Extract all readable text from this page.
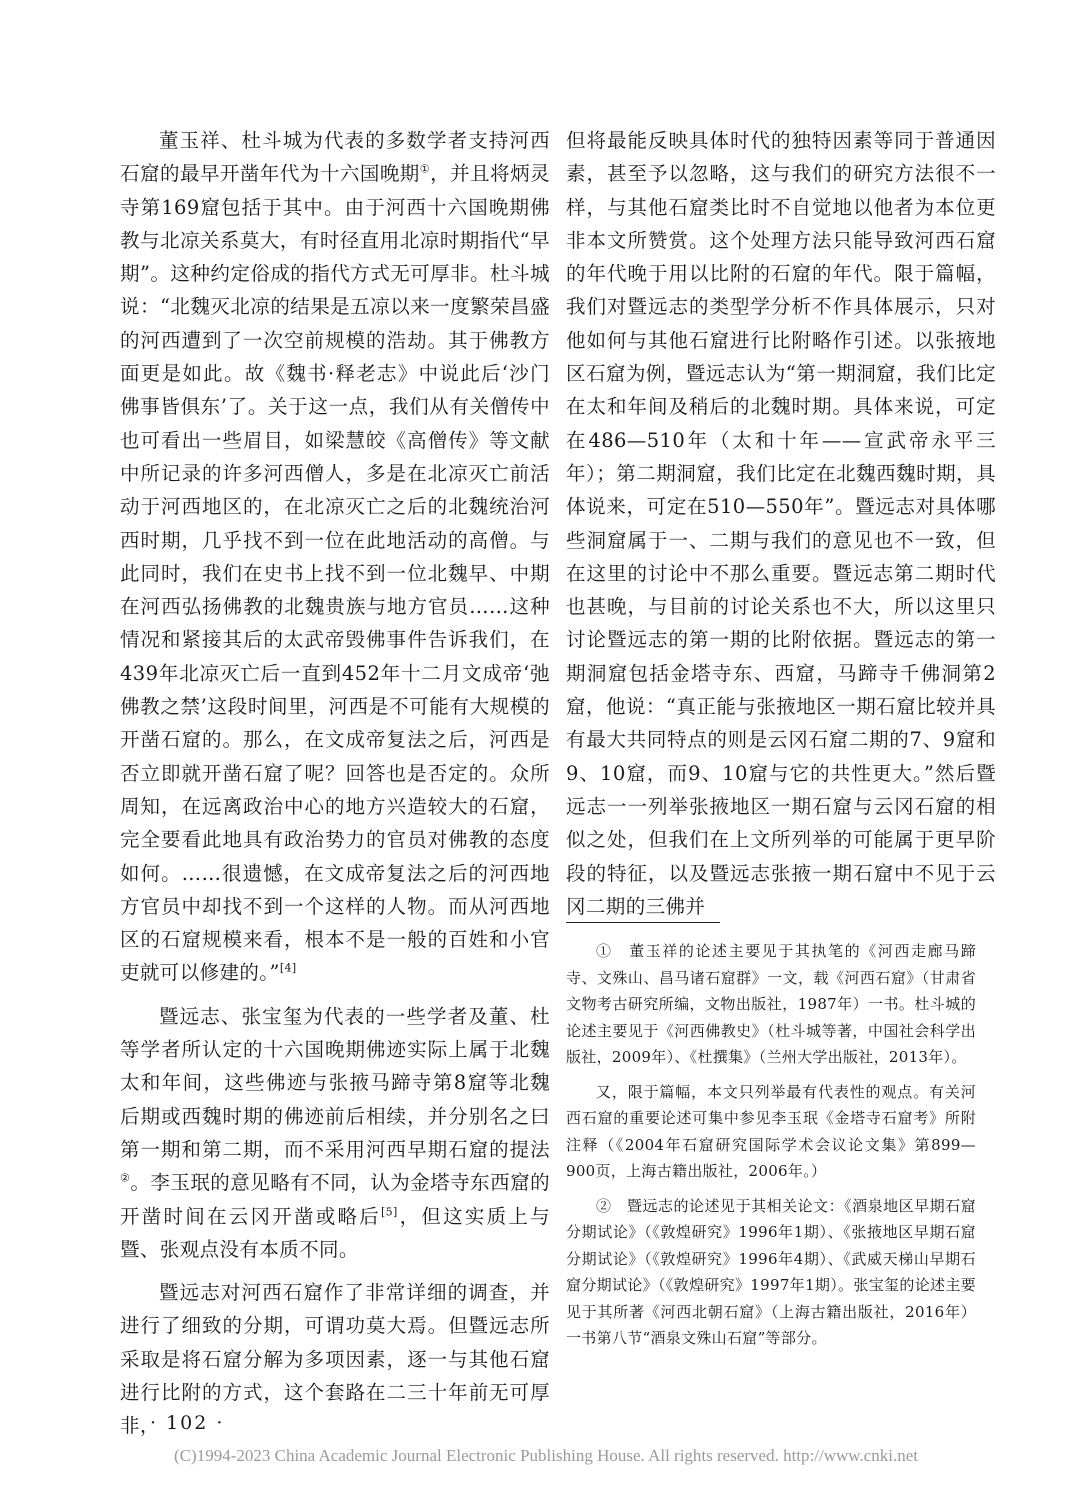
董玉祥、杜斗城为代表的多数学者支持河西石窟的最早开凿年代为十六国晚期①，并且将炳灵寺第169窟包括于其中。由于河西十六国晚期佛教与北凉关系莫大，有时径直用北凉时期指代“早期”。这种约定俗成的指代方式无可厚非。杜斗城说：“北魏灭北凉的结果是五凉以来一度繁荣昌盛的河西遭到了一次空前规模的浩劫。其于佛教方面更是如此。故《魏书·释老志》中说此后‘沙门佛事皆俱东’了。关于这一点，我们从有关僧传中也可看出一些眉目，如梁慧皎《高僧传》等文献中所记录的许多河西僧人，多是在北凉灭亡前活动于河西地区的，在北凉灭亡之后的北魏统治河西时期，几乎找不到一位在此地活动的高僧。与此同时，我们在史书上找不到一位北魏早、中期在河西弘扬佛教的北魏贵族与地方官员……这种情况和紧接其后的太武帝毁佛事件告诉我们，在439年北凉灭亡后一直到452年十二月文成帝‘弛佛教之禁’这段时间里，河西是不可能有大规模的开凿石窟的。那么，在文成帝复法之后，河西是否立即就开凿石窟了呢？回答也是否定的。众所周知，在远离政治中心的地方兴造较大的石窟，完全要看此地具有政治势力的官员对佛教的态度如何。……很遗憾，在文成帝复法之后的河西地方官员中却找不到一个这样的人物。而从河西地区的石窟规模来看，根本不是一般的百姓和小官吏就可以修建的。”[4]

暨远志、张宝玺为代表的一些学者及董、杜等学者所认定的十六国晚期佛迹实际上属于北魏太和年间，这些佛迹与张掖马蹄寺第8窟等北魏后期或西魏时期的佛迹前后相续，并分别名之曰第一期和第二期，而不采用河西早期石窟的提法②。李玉珉的意见略有不同，认为金塔寺东西窟的开凿时间在云冈开凿或略后[5]，但这实质上与暨、张观点没有本质不同。

暨远志对河西石窟作了非常详细的调查，并进行了细致的分期，可谓功莫大焉。但暨远志所采取是将石窟分解为多项因素，逐一与其他石窟进行比附的方式，这个套路在二三十年前无可厚非，

但将最能反映具体时代的独特因素等同于普通因素，甚至予以忽略，这与我们的研究方法很不一样，与其他石窟类比时不自觉地以他者为本位更非本文所赞赏。这个处理方法只能导致河西石窟的年代晚于用以比附的石窟的年代。限于篇幅，我们对暨远志的类型学分析不作具体展示，只对他如何与其他石窟进行比附略作引述。以张掖地区石窟为例，暨远志认为“第一期洞窟，我们比定在太和年间及稍后的北魏时期。具体来说，可定在486—510年（太和十年——宣武帝永平三年）；第二期洞窟，我们比定在北魏西魏时期，具体说来，可定在510—550年”。暨远志对具体哪些洞窟属于一、二期与我们的意见也不一致，但在这里的讨论中不那么重要。暨远志第二期时代也甚晚，与目前的讨论关系也不大，所以这里只讨论暨远志的第一期的比附依据。暨远志的第一期洞窟包括金塔寺东、西窟，马蹄寺千佛洞第2窟，他说：“真正能与张掖地区一期石窟比较并具有最大共同特点的则是云冈石窟二期的7、9窟和9、10窟，而9、10窟与它的共性更大。”然后暨远志一一列举张掖地区一期石窟与云冈石窟的相似之处，但我们在上文所列举的可能属于更早阶段的特征，以及暨远志张掖一期石窟中不见于云冈二期的三佛并

①　董玉祥的论述主要见于其执笔的《河西走廊马蹄寺、文殊山、昌马诸石窟群》一文，载《河西石窟》（甘肃省文物考古研究所编，文物出版社，1987年）一书。杜斗城的论述主要见于《河西佛教史》（杜斗城等著，中国社会科学出版社，2009年）、《杜撰集》（兰州大学出版社，2013年）。

又，限于篇幅，本文只列举最有代表性的观点。有关河西石窟的重要论述可集中参见李玉珉《金塔寺石窟考》所附注释（《2004年石窟研究国际学术会议论文集》第899—900页，上海古籍出版社，2006年。）

②　暨远志的论述见于其相关论文：《酒泉地区早期石窟分期试论》（《敦煌研究》1996年1期）、《张掖地区早期石窟分期试论》（《敦煌研究》1996年4期）、《武威天梯山早期石窟分期试论》（《敦煌研究》1997年1期）。张宝玺的论述主要见于其所著《河西北朝石窟》（上海古籍出版社，2016年）一书第八节“酒泉文殊山石窟”等部分。

· 102 ·
(C)1994-2023 China Academic Journal Electronic Publishing House. All rights reserved. http://www.cnki.net
